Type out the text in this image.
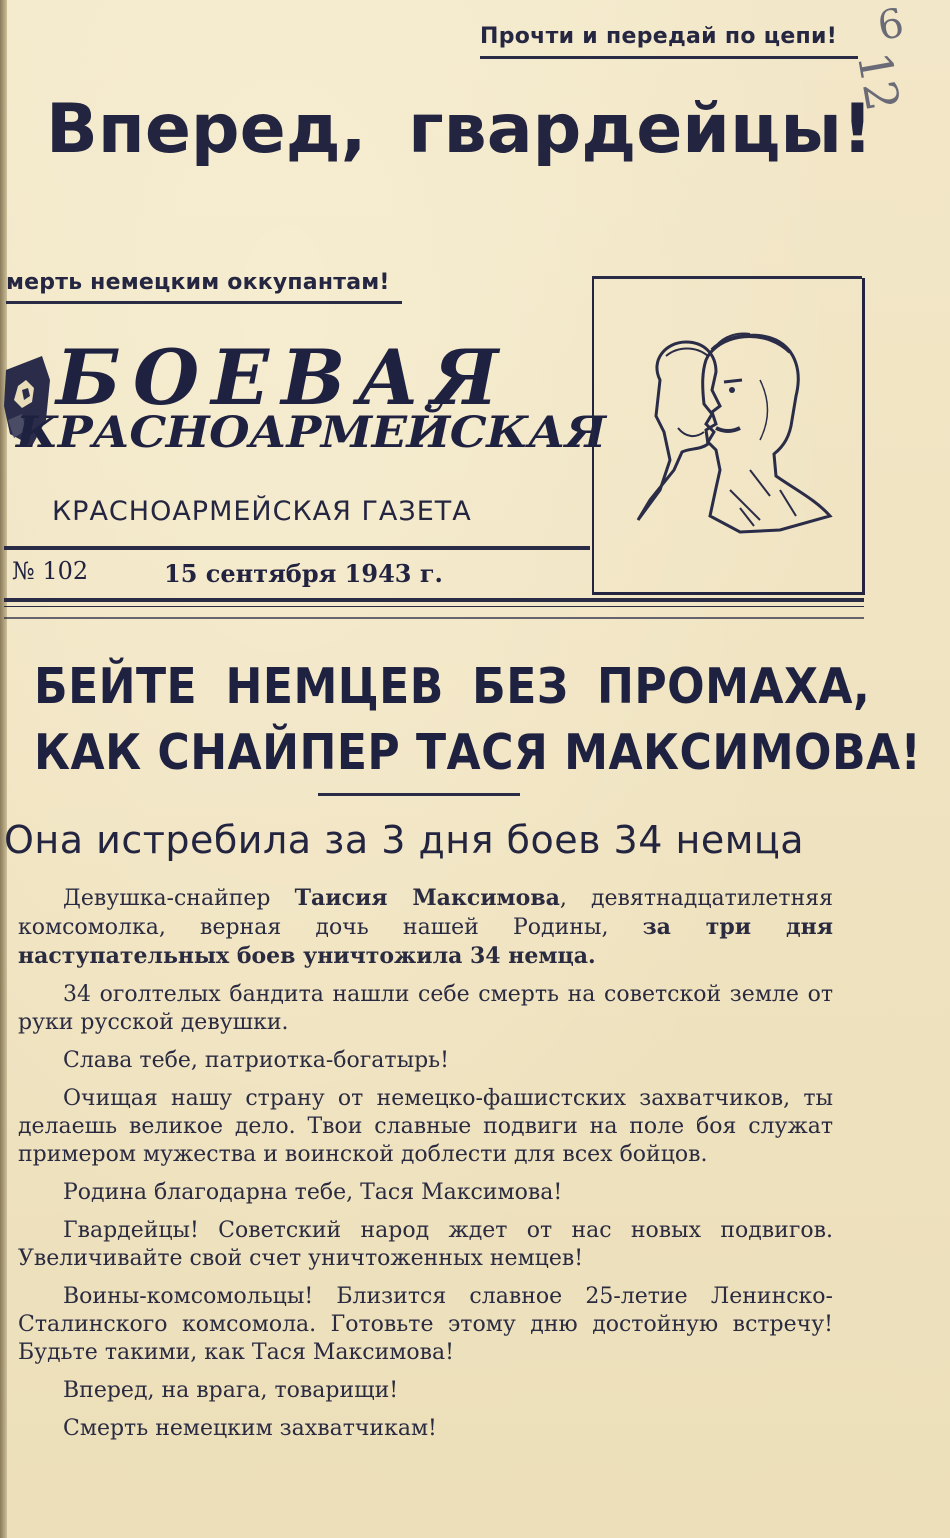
Прочти и передай по цепи! 6
12
Вперед, гвардейцы!
мерть немецким оккупантам!
БОЕВАЯ
КРАСНОАРМЕЙСКАЯ
КРАСНОАРМЕЙСКАЯ ГАЗЕТА
№ 102	15 сентября 1943 г.
БЕЙТЕ НЕМЦЕВ БЕЗ ПРОМАХА,
КАК СНАЙПЕР ТАСЯ МАКСИМОВА!
Она истребила за 3 дня боев 34 немца

Девушка-снайпер Таисия Максимова, девятнадцатилетняя комсомолка, верная дочь нашей Родины, за три дня наступательных боев уничтожила 34 немца.

34 оголтелых бандита нашли себе смерть на советской земле от руки русской девушки.

Слава тебе, патриотка-богатырь!

Очищая нашу страну от немецко-фашистских захватчиков, ты делаешь великое дело. Твои славные подвиги на поле боя служат примером мужества и воинской доблести для всех бойцов.

Родина благодарна тебе, Тася Максимова!

Гвардейцы! Советский народ ждет от нас новых подвигов. Увеличивайте свой счет уничтоженных немцев!

Воины-комсомольцы! Близится славное 25-летие Ленинско-Сталинского комсомола. Готовьте этому дню достойную встречу! Будьте такими, как Тася Максимова!

Вперед, на врага, товарищи!

Смерть немецким захватчикам!
